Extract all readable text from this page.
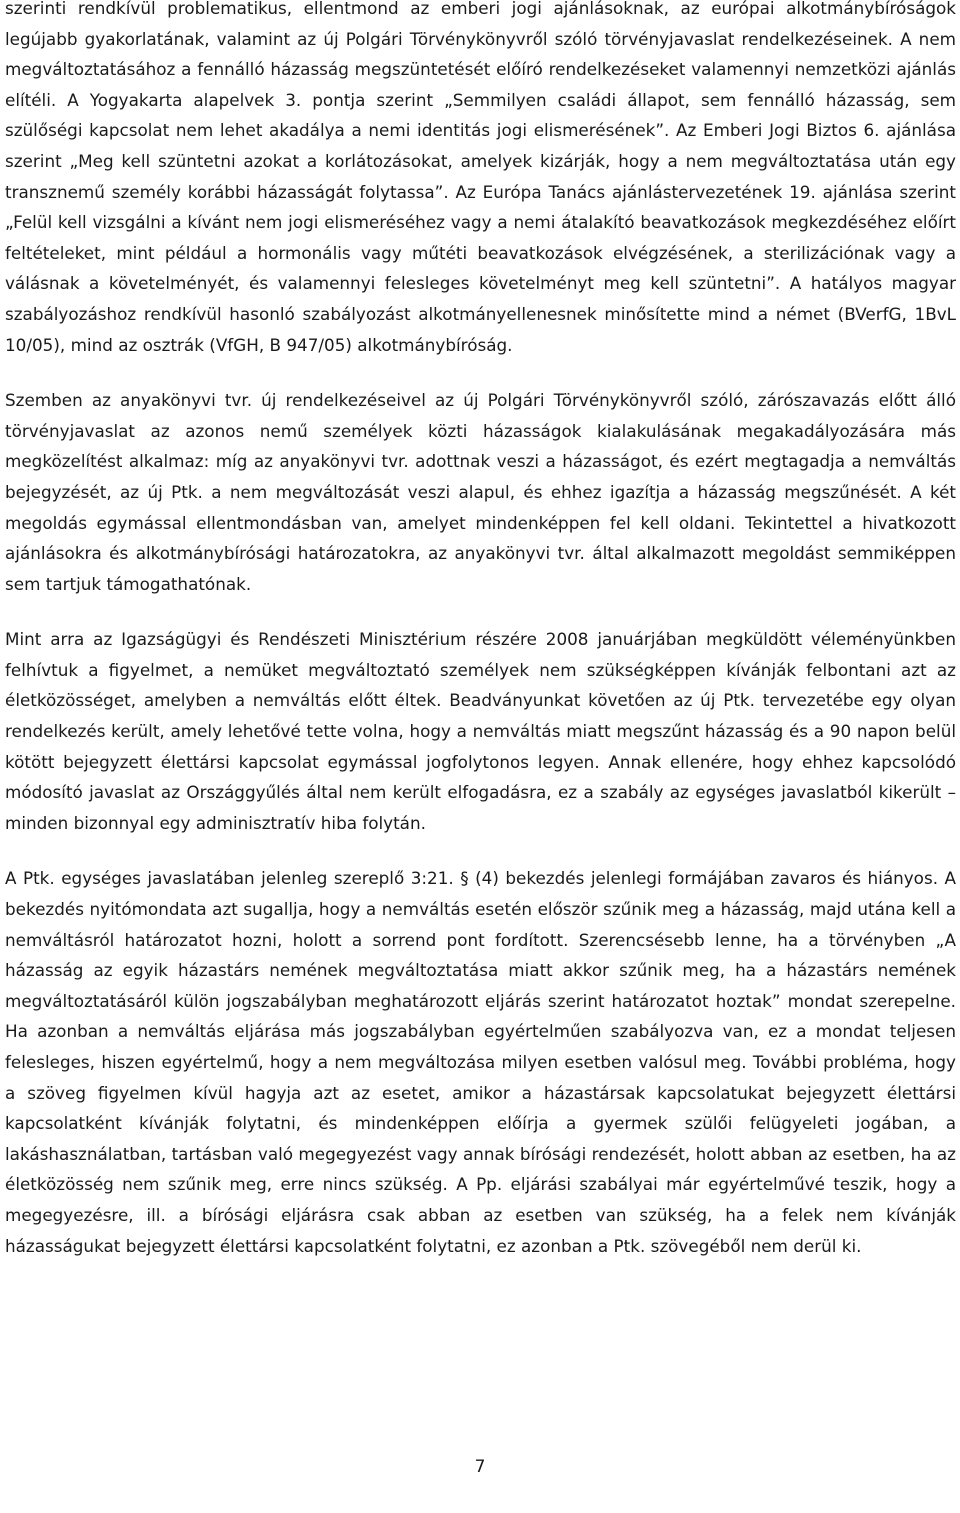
szerinti rendkívül problematikus, ellentmond az emberi jogi ajánlásoknak, az európai alkotmánybíróságok legújabb gyakorlatának, valamint az új Polgári Törvénykönyvről szóló törvényjavaslat rendelkezéseinek. A nem megváltoztatásához a fennálló házasság megszüntetését előíró rendelkezéseket valamennyi nemzetközi ajánlás elítéli. A Yogyakarta alapelvek 3. pontja szerint „Semmilyen családi állapot, sem fennálló házasság, sem szülőségi kapcsolat nem lehet akadálya a nemi identitás jogi elismerésének”. Az Emberi Jogi Biztos 6. ajánlása szerint „Meg kell szüntetni azokat a korlátozásokat, amelyek kizárják, hogy a nem megváltoztatása után egy transznemű személy korábbi házasságát folytassa”. Az Európa Tanács ajánlástervezetének 19. ajánlása szerint „Felül kell vizsgálni a kívánt nem jogi elismeréséhez vagy a nemi átalakító beavatkozások megkezdéséhez előírt feltételeket, mint például a hormonális vagy műtéti beavatkozások elvégzésének, a sterilizációnak vagy a válásnak a követelményét, és valamennyi felesleges követelményt meg kell szüntetni”. A hatályos magyar szabályozáshoz rendkívül hasonló szabályozást alkotmányellenesnek minősítette mind a német (BVerfG, 1BvL 10/05), mind az osztrák (VfGH, B 947/05) alkotmánybíróság.

Szemben az anyakönyvi tvr. új rendelkezéseivel az új Polgári Törvénykönyvről szóló, zárószavazás előtt álló törvényjavaslat az azonos nemű személyek közti házasságok kialakulásának megakadályozására más megközelítést alkalmaz: míg az anyakönyvi tvr. adottnak veszi a házasságot, és ezért megtagadja a nemváltás bejegyzését, az új Ptk. a nem megváltozását veszi alapul, és ehhez igazítja a házasság megszűnését. A két megoldás egymással ellentmondásban van, amelyet mindenképpen fel kell oldani. Tekintettel a hivatkozott ajánlásokra és alkotmánybírósági határozatokra, az anyakönyvi tvr. által alkalmazott megoldást semmiképpen sem tartjuk támogathatónak.

Mint arra az Igazságügyi és Rendészeti Minisztérium részére 2008 januárjában megküldött véleményünkben felhívtuk a figyelmet, a nemüket megváltoztató személyek nem szükségképpen kívánják felbontani azt az életközösséget, amelyben a nemváltás előtt éltek. Beadványunkat követően az új Ptk. tervezetébe egy olyan rendelkezés került, amely lehetővé tette volna, hogy a nemváltás miatt megszűnt házasság és a 90 napon belül kötött bejegyzett élettársi kapcsolat egymással jogfolytonos legyen. Annak ellenére, hogy ehhez kapcsolódó módosító javaslat az Országgyűlés által nem került elfogadásra, ez a szabály az egységes javaslatból kikerült – minden bizonnyal egy adminisztratív hiba folytán.

A Ptk. egységes javaslatában jelenleg szereplő 3:21. § (4) bekezdés jelenlegi formájában zavaros és hiányos. A bekezdés nyitómondata azt sugallja, hogy a nemváltás esetén először szűnik meg a házasság, majd utána kell a nemváltásról határozatot hozni, holott a sorrend pont fordított. Szerencsésebb lenne, ha a törvényben „A házasság az egyik házastárs nemének megváltoztatása miatt akkor szűnik meg, ha a házastárs nemének megváltoztatásáról külön jogszabályban meghatározott eljárás szerint határozatot hoztak” mondat szerepelne. Ha azonban a nemváltás eljárása más jogszabályban egyértelműen szabályozva van, ez a mondat teljesen felesleges, hiszen egyértelmű, hogy a nem megváltozása milyen esetben valósul meg. További probléma, hogy a szöveg figyelmen kívül hagyja azt az esetet, amikor a házastársak kapcsolatukat bejegyzett élettársi kapcsolatként kívánják folytatni, és mindenképpen előírja a gyermek szülői felügyeleti jogában, a lakáshasználatban, tartásban való megegyezést vagy annak bírósági rendezését, holott abban az esetben, ha az életközösség nem szűnik meg, erre nincs szükség. A Pp. eljárási szabályai már egyértelművé teszik, hogy a megegyezésre, ill. a bírósági eljárásra csak abban az esetben van szükség, ha a felek nem kívánják házasságukat bejegyzett élettársi kapcsolatként folytatni, ez azonban a Ptk. szövegéből nem derül ki.

7
